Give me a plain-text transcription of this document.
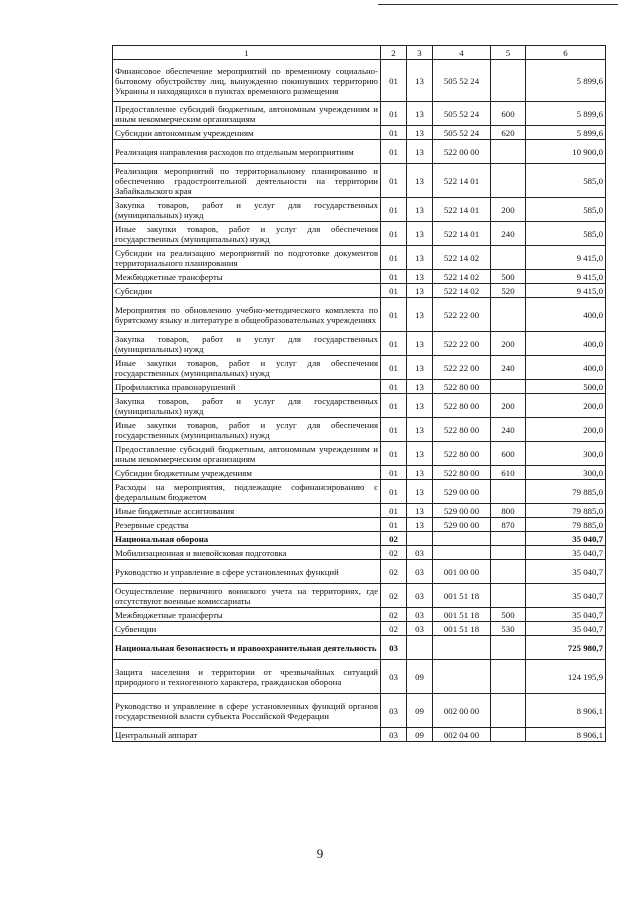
1	2	3	4	5	6
Финансовое обеспечение мероприятий по временному социально-бытовому обустройству лиц, вынужденно покинувших территорию Украины и находящихся в пунктах временного размещения	01	13	505 52 24		5 899,6
Предоставление субсидий бюджетным, автономным учреждениям и иным некоммерческим организациям	01	13	505 52 24	600	5 899,6
Субсидии автономным учреждениям	01	13	505 52 24	620	5 899,6
Реализация направления расходов по отдельным мероприятиям	01	13	522 00 00		10 900,0
Реализация мероприятий по территориальному планированию и обеспечению градостроительной деятельности на территории Забайкальского края	01	13	522 14 01		585,0
Закупка товаров, работ и услуг для государственных (муниципальных) нужд	01	13	522 14 01	200	585,0
Иные закупки товаров, работ и услуг для обеспечения государственных (муниципальных) нужд	01	13	522 14 01	240	585,0
Субсидии на реализацию мероприятий по подготовке документов территориального планирования	01	13	522 14 02		9 415,0
Межбюджетные трансферты	01	13	522 14 02	500	9 415,0
Субсидии	01	13	522 14 02	520	9 415,0
Мероприятия по обновлению учебно-методического комплекта по бурятскому языку и литературе в общеобразовательных учреждениях	01	13	522 22 00		400,0
Закупка товаров, работ и услуг для государственных (муниципальных) нужд	01	13	522 22 00	200	400,0
Иные закупки товаров, работ и услуг для обеспечения государственных (муниципальных) нужд	01	13	522 22 00	240	400,0
Профилактика правонарушений	01	13	522 80 00		500,0
Закупка товаров, работ и услуг для государственных (муниципальных) нужд	01	13	522 80 00	200	200,0
Иные закупки товаров, работ и услуг для обеспечения государственных (муниципальных) нужд	01	13	522 80 00	240	200,0
Предоставление субсидий бюджетным, автономным учреждениям и иным некоммерческим организациям	01	13	522 80 00	600	300,0
Субсидии бюджетным учреждениям	01	13	522 80 00	610	300,0
Расходы на мероприятия, подлежащие софинансированию с федеральным бюджетом	01	13	529 00 00		79 885,0
Иные бюджетные ассигнования	01	13	529 00 00	800	79 885,0
Резервные средства	01	13	529 00 00	870	79 885,0
Национальная оборона	02				35 040,7
Мобилизационная и вневойсковая подготовка	02	03			35 040,7
Руководство и управление в сфере установленных функций	02	03	001 00 00		35 040,7
Осуществление первичного воинского учета на территориях, где отсутствуют военные комиссариаты	02	03	001 51 18		35 040,7
Межбюджетные трансферты	02	03	001 51 18	500	35 040,7
Субвенции	02	03	001 51 18	530	35 040,7
Национальная безопасность и правоохранительная деятельность	03				725 980,7
Защита населения и территории от чрезвычайных ситуаций природного и техногенного характера, гражданская оборона	03	09			124 195,9
Руководство и управление в сфере установленных функций органов государственной власти субъекта Российской Федерации	03	09	002 00 00		8 906,1
Центральный аппарат	03	09	002 04 00		8 906,1
9
